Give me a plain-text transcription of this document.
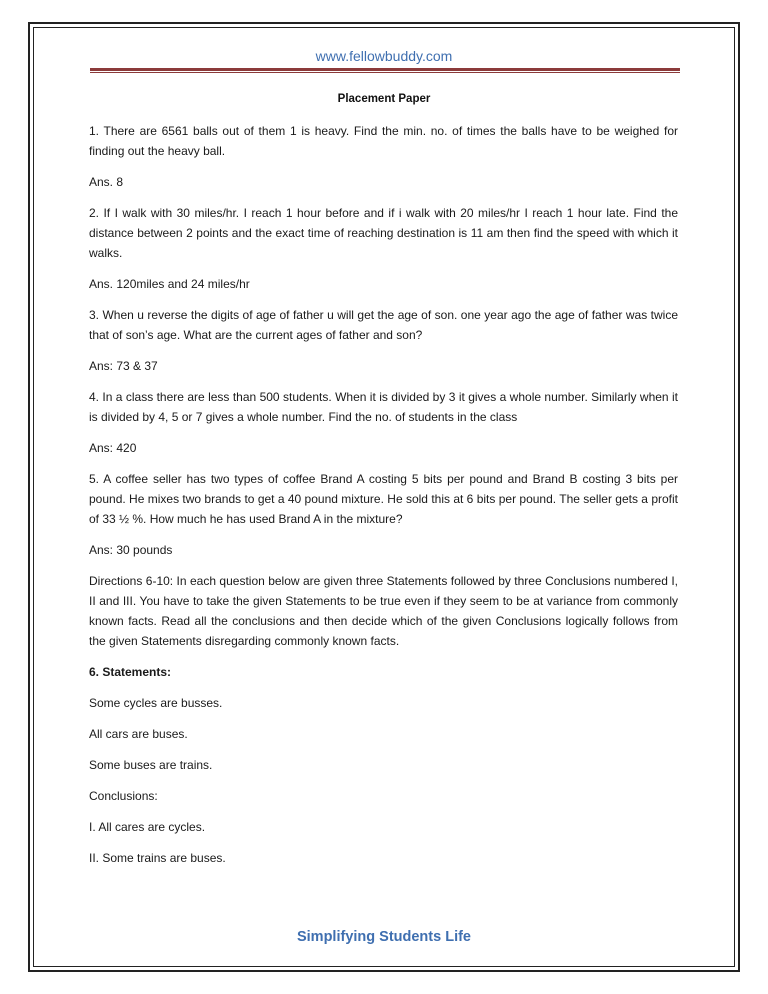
www.fellowbuddy.com
Placement Paper

1. There are 6561 balls out of them 1 is heavy. Find the min. no. of times the balls have to be weighed for finding out the heavy ball.

Ans. 8

2. If I walk with 30 miles/hr. I reach 1 hour before and if i walk with 20 miles/hr I reach 1 hour late. Find the distance between 2 points and the exact time of reaching destination is 11 am then find the speed with which it walks.

Ans. 120miles and 24 miles/hr

3. When u reverse the digits of age of father u will get the age of son. one year ago the age of father was twice that of son’s age. What are the current ages of father and son?

Ans: 73 & 37

4. In a class there are less than 500 students. When it is divided by 3 it gives a whole number. Similarly when it is divided by 4, 5 or 7 gives a whole number. Find the no. of students in the class

Ans: 420

5. A coffee seller has two types of coffee Brand A costing 5 bits per pound and Brand B costing 3 bits per pound. He mixes two brands to get a 40 pound mixture. He sold this at 6 bits per pound. The seller gets a profit of 33 ½ %. How much he has used Brand A in the mixture?

Ans: 30 pounds

Directions 6-10: In each question below are given three Statements followed by three Conclusions numbered I, II and III. You have to take the given Statements to be true even if they seem to be at variance from commonly known facts. Read all the conclusions and then decide which of the given Conclusions logically follows from the given Statements disregarding commonly known facts.

6. Statements:

Some cycles are busses.

All cars are buses.

Some buses are trains.

Conclusions:

I. All cares are cycles.

II. Some trains are buses.

Simplifying Students Life
